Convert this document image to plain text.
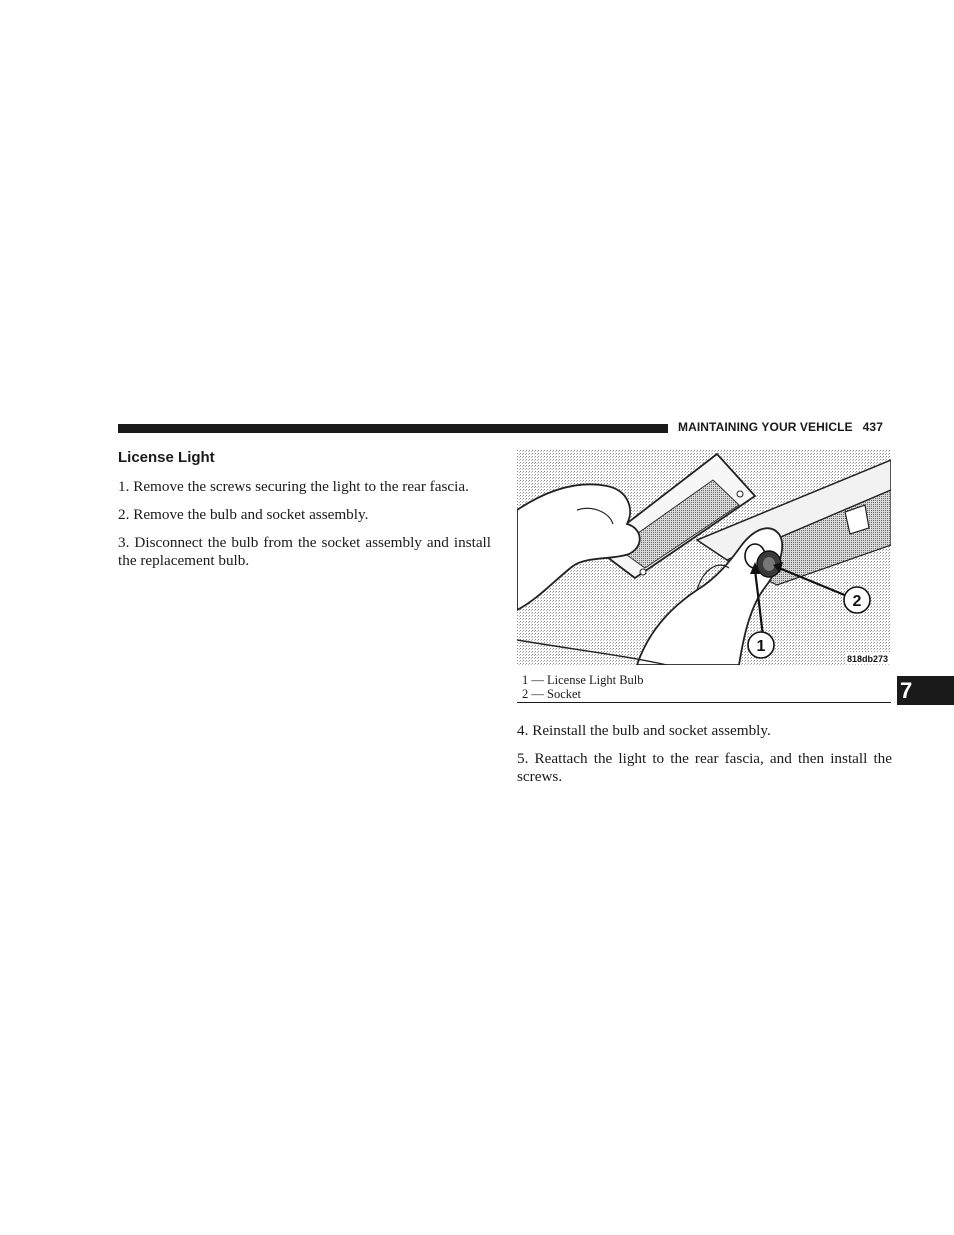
MAINTAINING YOUR VEHICLE 437
License Light

1. Remove the screws securing the light to the rear fascia.

2. Remove the bulb and socket assembly.

3. Disconnect the bulb from the socket assembly and install the replacement bulb.

1
2
818db273
1 — License Light Bulb
2 — Socket

4. Reinstall the bulb and socket assembly.

5. Reattach the light to the rear fascia, and then install the screws.

7
